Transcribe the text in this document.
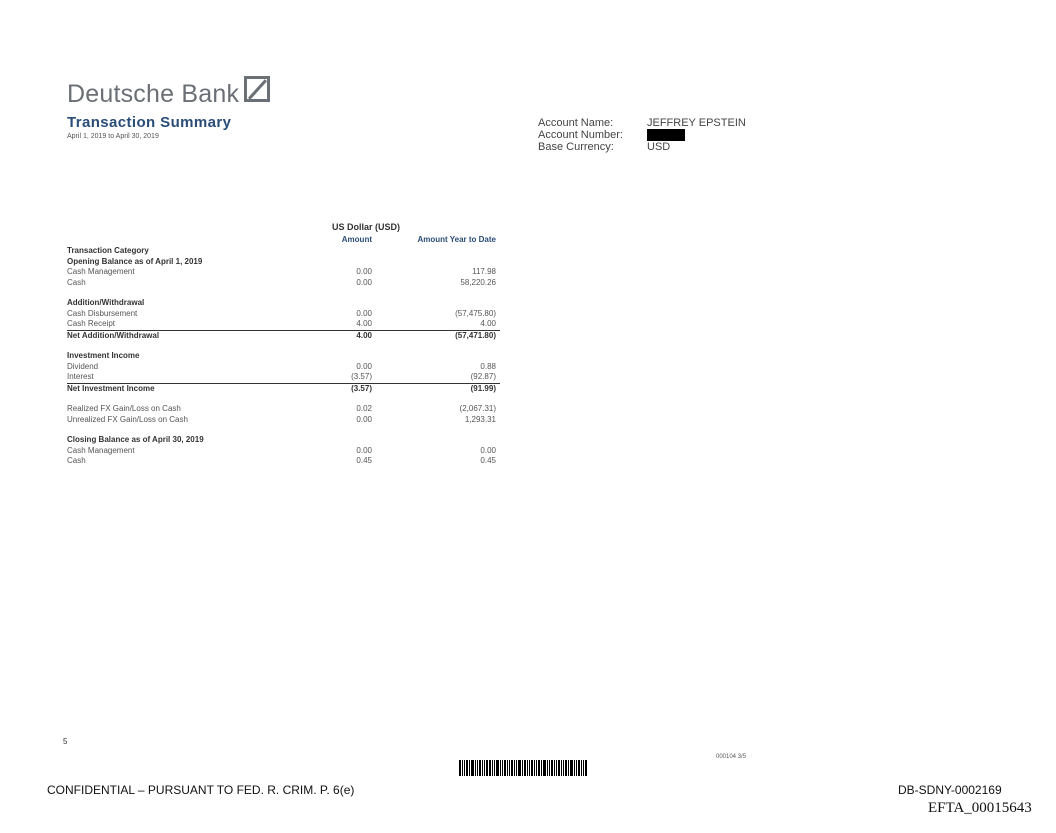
Deutsche Bank
Transaction Summary
April 1, 2019 to April 30, 2019
Account Name:	JEFFREY EPSTEIN
Account Number:
Base Currency:	USD
US Dollar (USD)
Amount	Amount Year to Date
Transaction Category
Opening Balance as of April 1, 2019
Cash Management	0.00	117.98
Cash	0.00	58,220.26
Addition/Withdrawal
Cash Disbursement	0.00	(57,475.80)
Cash Receipt	4.00	4.00
Net Addition/Withdrawal	4.00	(57,471.80)
Investment Income
Dividend	0.00	0.88
Interest	(3.57)	(92.87)
Net Investment Income	(3.57)	(91.99)
Realized FX Gain/Loss on Cash	0.02	(2,067.31)
Unrealized FX Gain/Loss on Cash	0.00	1,293.31
Closing Balance as of April 30, 2019
Cash Management	0.00	0.00
Cash	0.45	0.45
5
000104 3/5
CONFIDENTIAL – PURSUANT TO FED. R. CRIM. P. 6(e)	DB-SDNY-0002169
EFTA_00015643
